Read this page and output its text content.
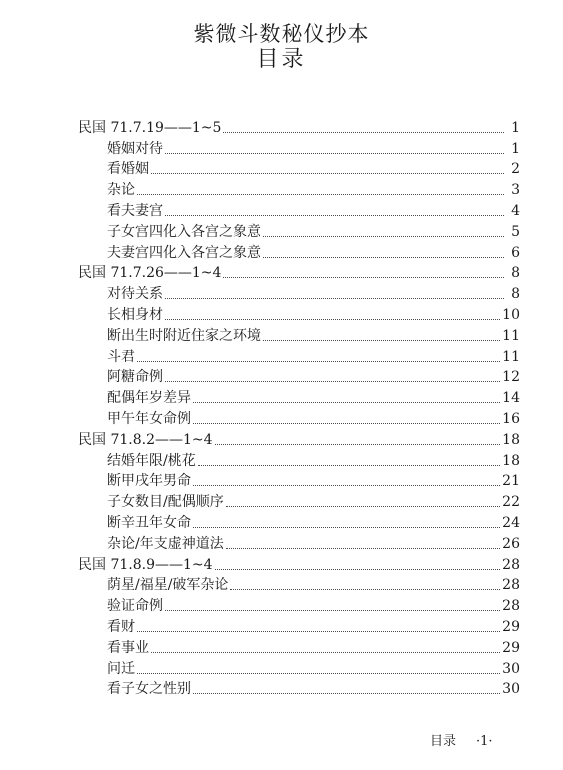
紫微斗数秘仪抄本
目录
民国 71.7.19——1~5	1
婚姻对待	1
看婚姻	2
杂论	3
看夫妻宫	4
子女宫四化入各宫之象意	5
夫妻宫四化入各宫之象意	6
民国 71.7.26——1~4	8
对待关系	8
长相身材	10
断出生时附近住家之环境	11
斗君	11
阿糖命例	12
配偶年岁差异	14
甲午年女命例	16
民国 71.8.2——1~4	18
结婚年限/桃花	18
断甲戌年男命	21
子女数目/配偶顺序	22
断辛丑年女命	24
杂论/年支虚神道法	26
民国 71.8.9——1~4	28
荫星/福星/破军杂论	28
验证命例	28
看财	29
看事业	29
问迁	30
看子女之性别	30
目录 ·1·
